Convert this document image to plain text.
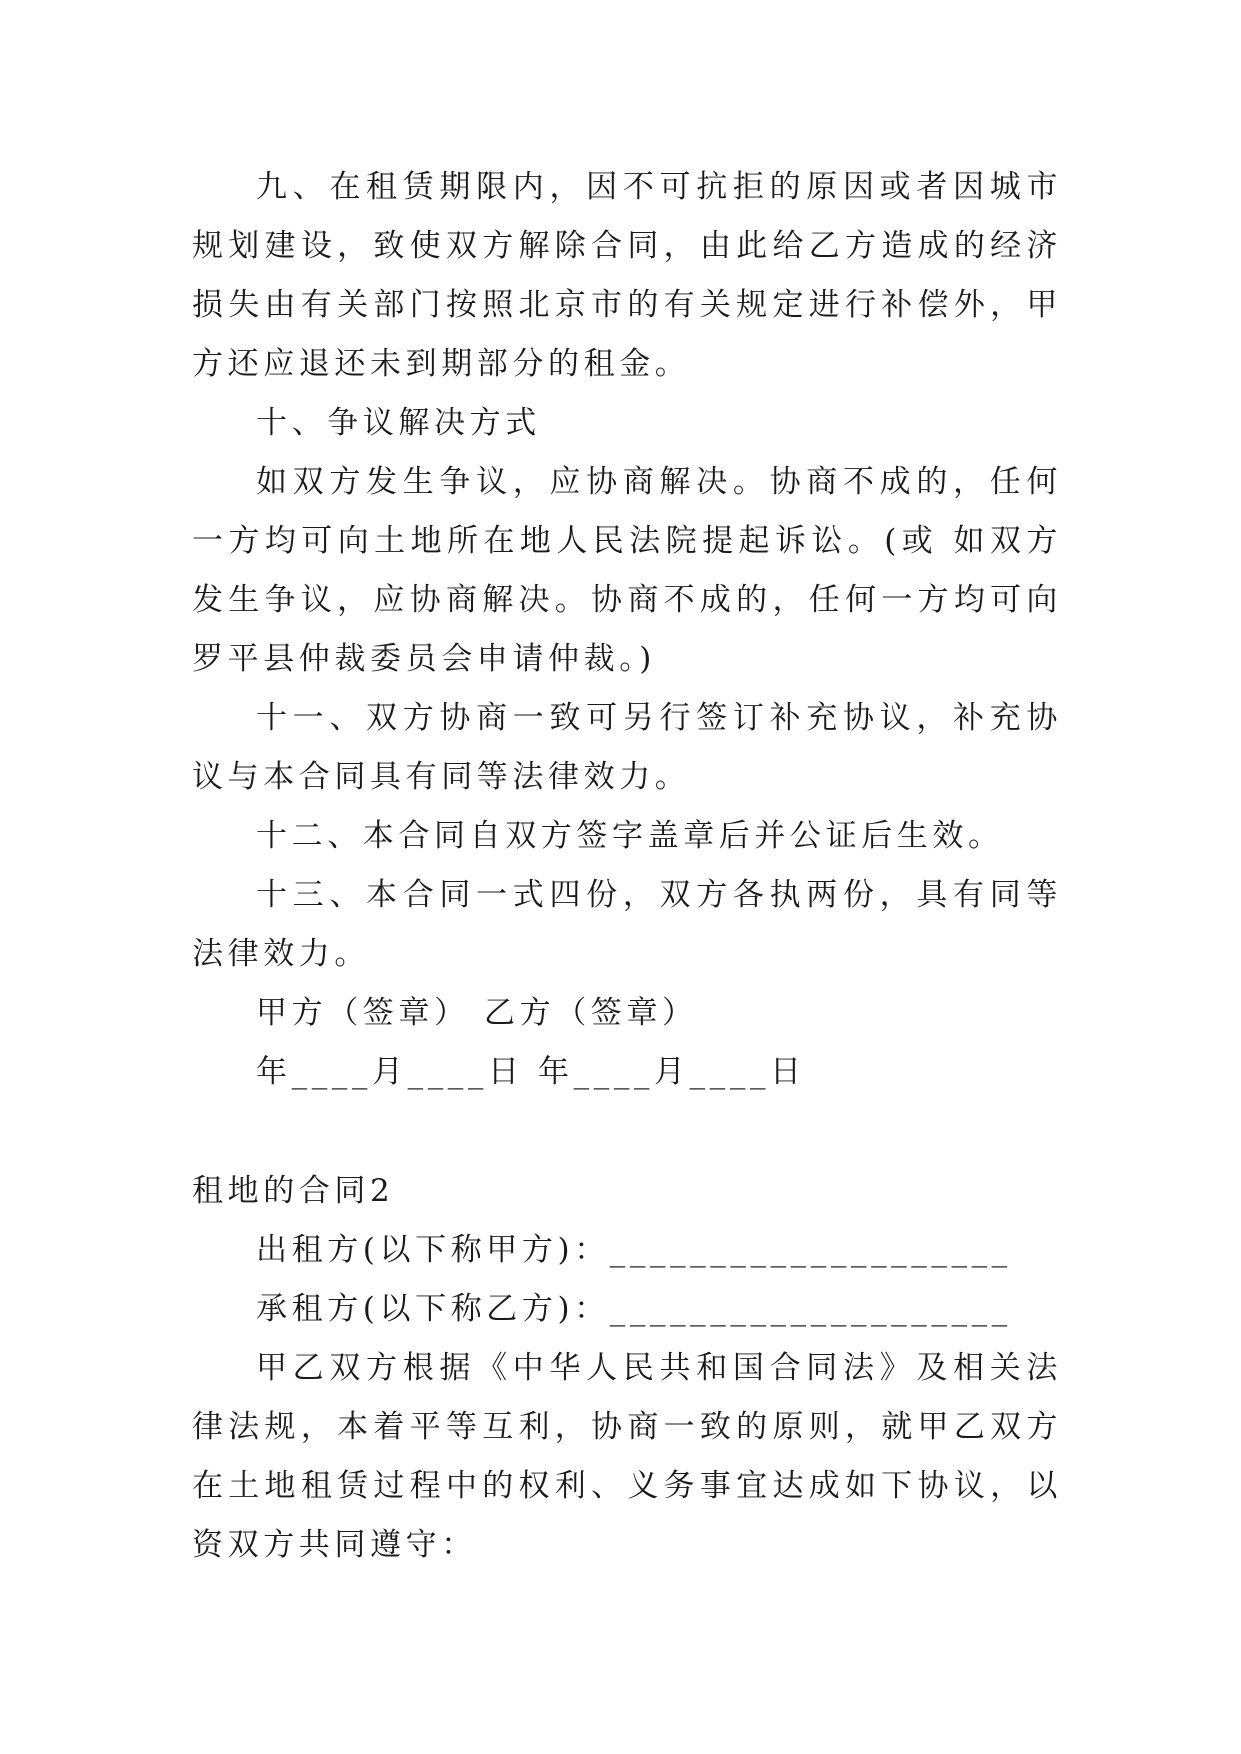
九、在租赁期限内，因不可抗拒的原因或者因城市规划建设，致使双方解除合同，由此给乙方造成的经济损失由有关部门按照北京市的有关规定进行补偿外，甲方还应退还未到期部分的租金。

十、争议解决方式

如双方发生争议，应协商解决。协商不成的，任何一方均可向土地所在地人民法院提起诉讼。(或 如双方发生争议，应协商解决。协商不成的，任何一方均可向罗平县仲裁委员会申请仲裁。)

十一、双方协商一致可另行签订补充协议，补充协议与本合同具有同等法律效力。

十二、本合同自双方签字盖章后并公证后生效。

十三、本合同一式四份，双方各执两份，具有同等法律效力。

甲方（签章） 乙方（签章）

年____月____日 年____月____日

租地的合同2

出租方(以下称甲方)：____________________

承租方(以下称乙方)：____________________

甲乙双方根据《中华人民共和国合同法》及相关法律法规，本着平等互利，协商一致的原则，就甲乙双方在土地租赁过程中的权利、义务事宜达成如下协议，以资双方共同遵守：
